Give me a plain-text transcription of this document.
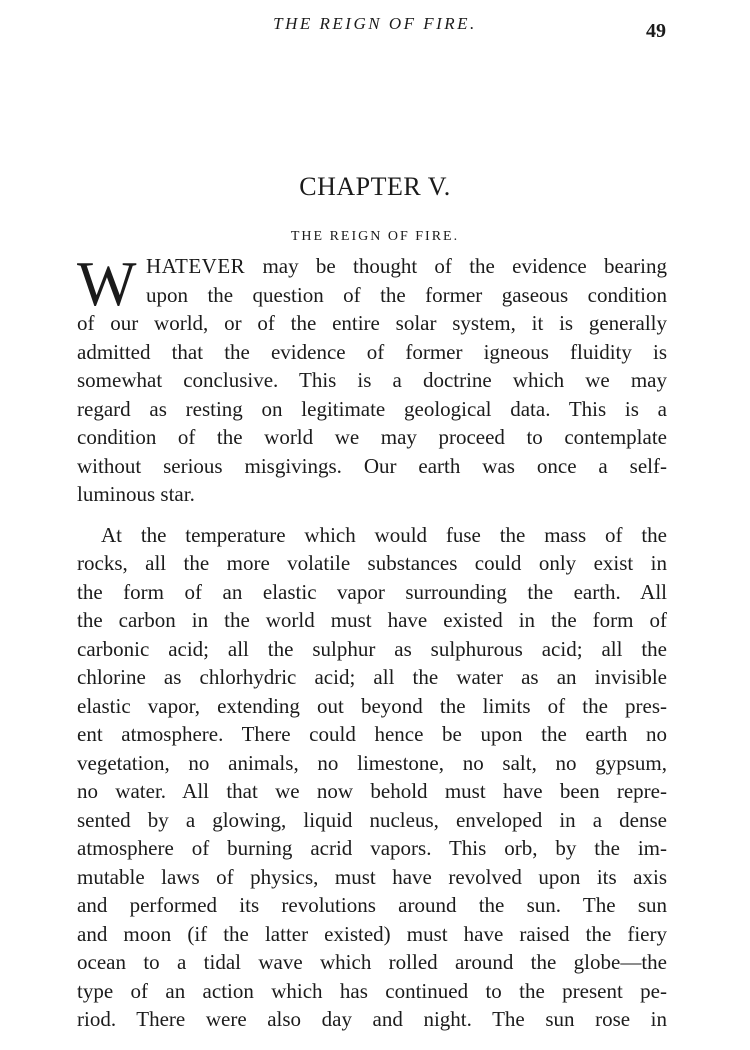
THE REIGN OF FIRE.	49
CHAPTER V.
THE REIGN OF FIRE.
W HATEVER may be thought of the evidence bearing
upon the question of the former gaseous condition
of our world, or of the entire solar system, it is generally
admitted that the evidence of former igneous fluidity is
somewhat conclusive. This is a doctrine which we may
regard as resting on legitimate geological data. This is a
condition of the world we may proceed to contemplate
without serious misgivings. Our earth was once a self-
luminous star.
At the temperature which would fuse the mass of the
rocks, all the more volatile substances could only exist in
the form of an elastic vapor surrounding the earth. All
the carbon in the world must have existed in the form of
carbonic acid; all the sulphur as sulphurous acid; all the
chlorine as chlorhydric acid; all the water as an invisible
elastic vapor, extending out beyond the limits of the pres-
ent atmosphere. There could hence be upon the earth no
vegetation, no animals, no limestone, no salt, no gypsum,
no water. All that we now behold must have been repre-
sented by a glowing, liquid nucleus, enveloped in a dense
atmosphere of burning acrid vapors. This orb, by the im-
mutable laws of physics, must have revolved upon its axis
and performed its revolutions around the sun. The sun
and moon (if the latter existed) must have raised the fiery
ocean to a tidal wave which rolled around the globe—the
type of an action which has continued to the present pe-
riod. There were also day and night. The sun rose in
